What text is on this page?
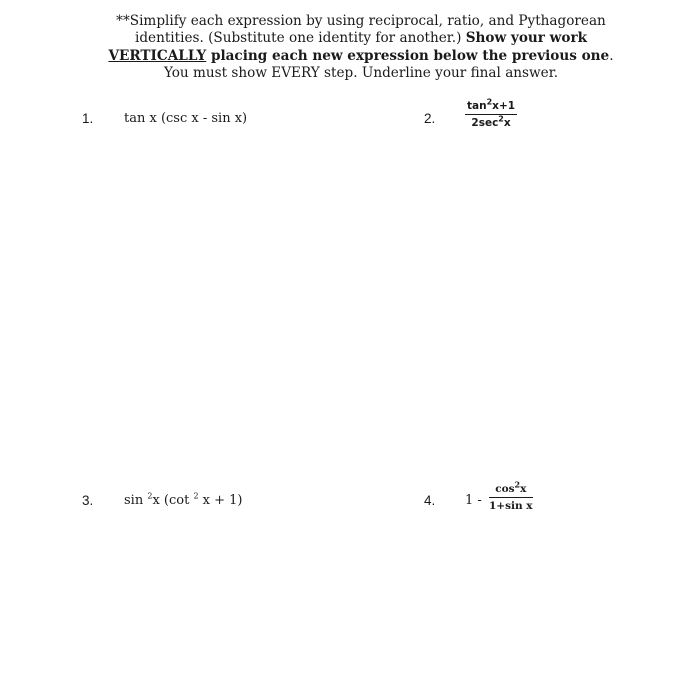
**Simplify each expression by using reciprocal, ratio, and Pythagorean identities. (Substitute one identity for another.) Show your work VERTICALLY placing each new expression below the previous one. You must show EVERY step. Underline your final answer.
1. tan x (csc x - sin x)	2.
$\tan^2x+1$
$2\sec^2x$
3. sin $^2$x (cot $^2$ x + 1)	4. $1 - \frac{\cos^2x}{\text{1+sin x}}$
